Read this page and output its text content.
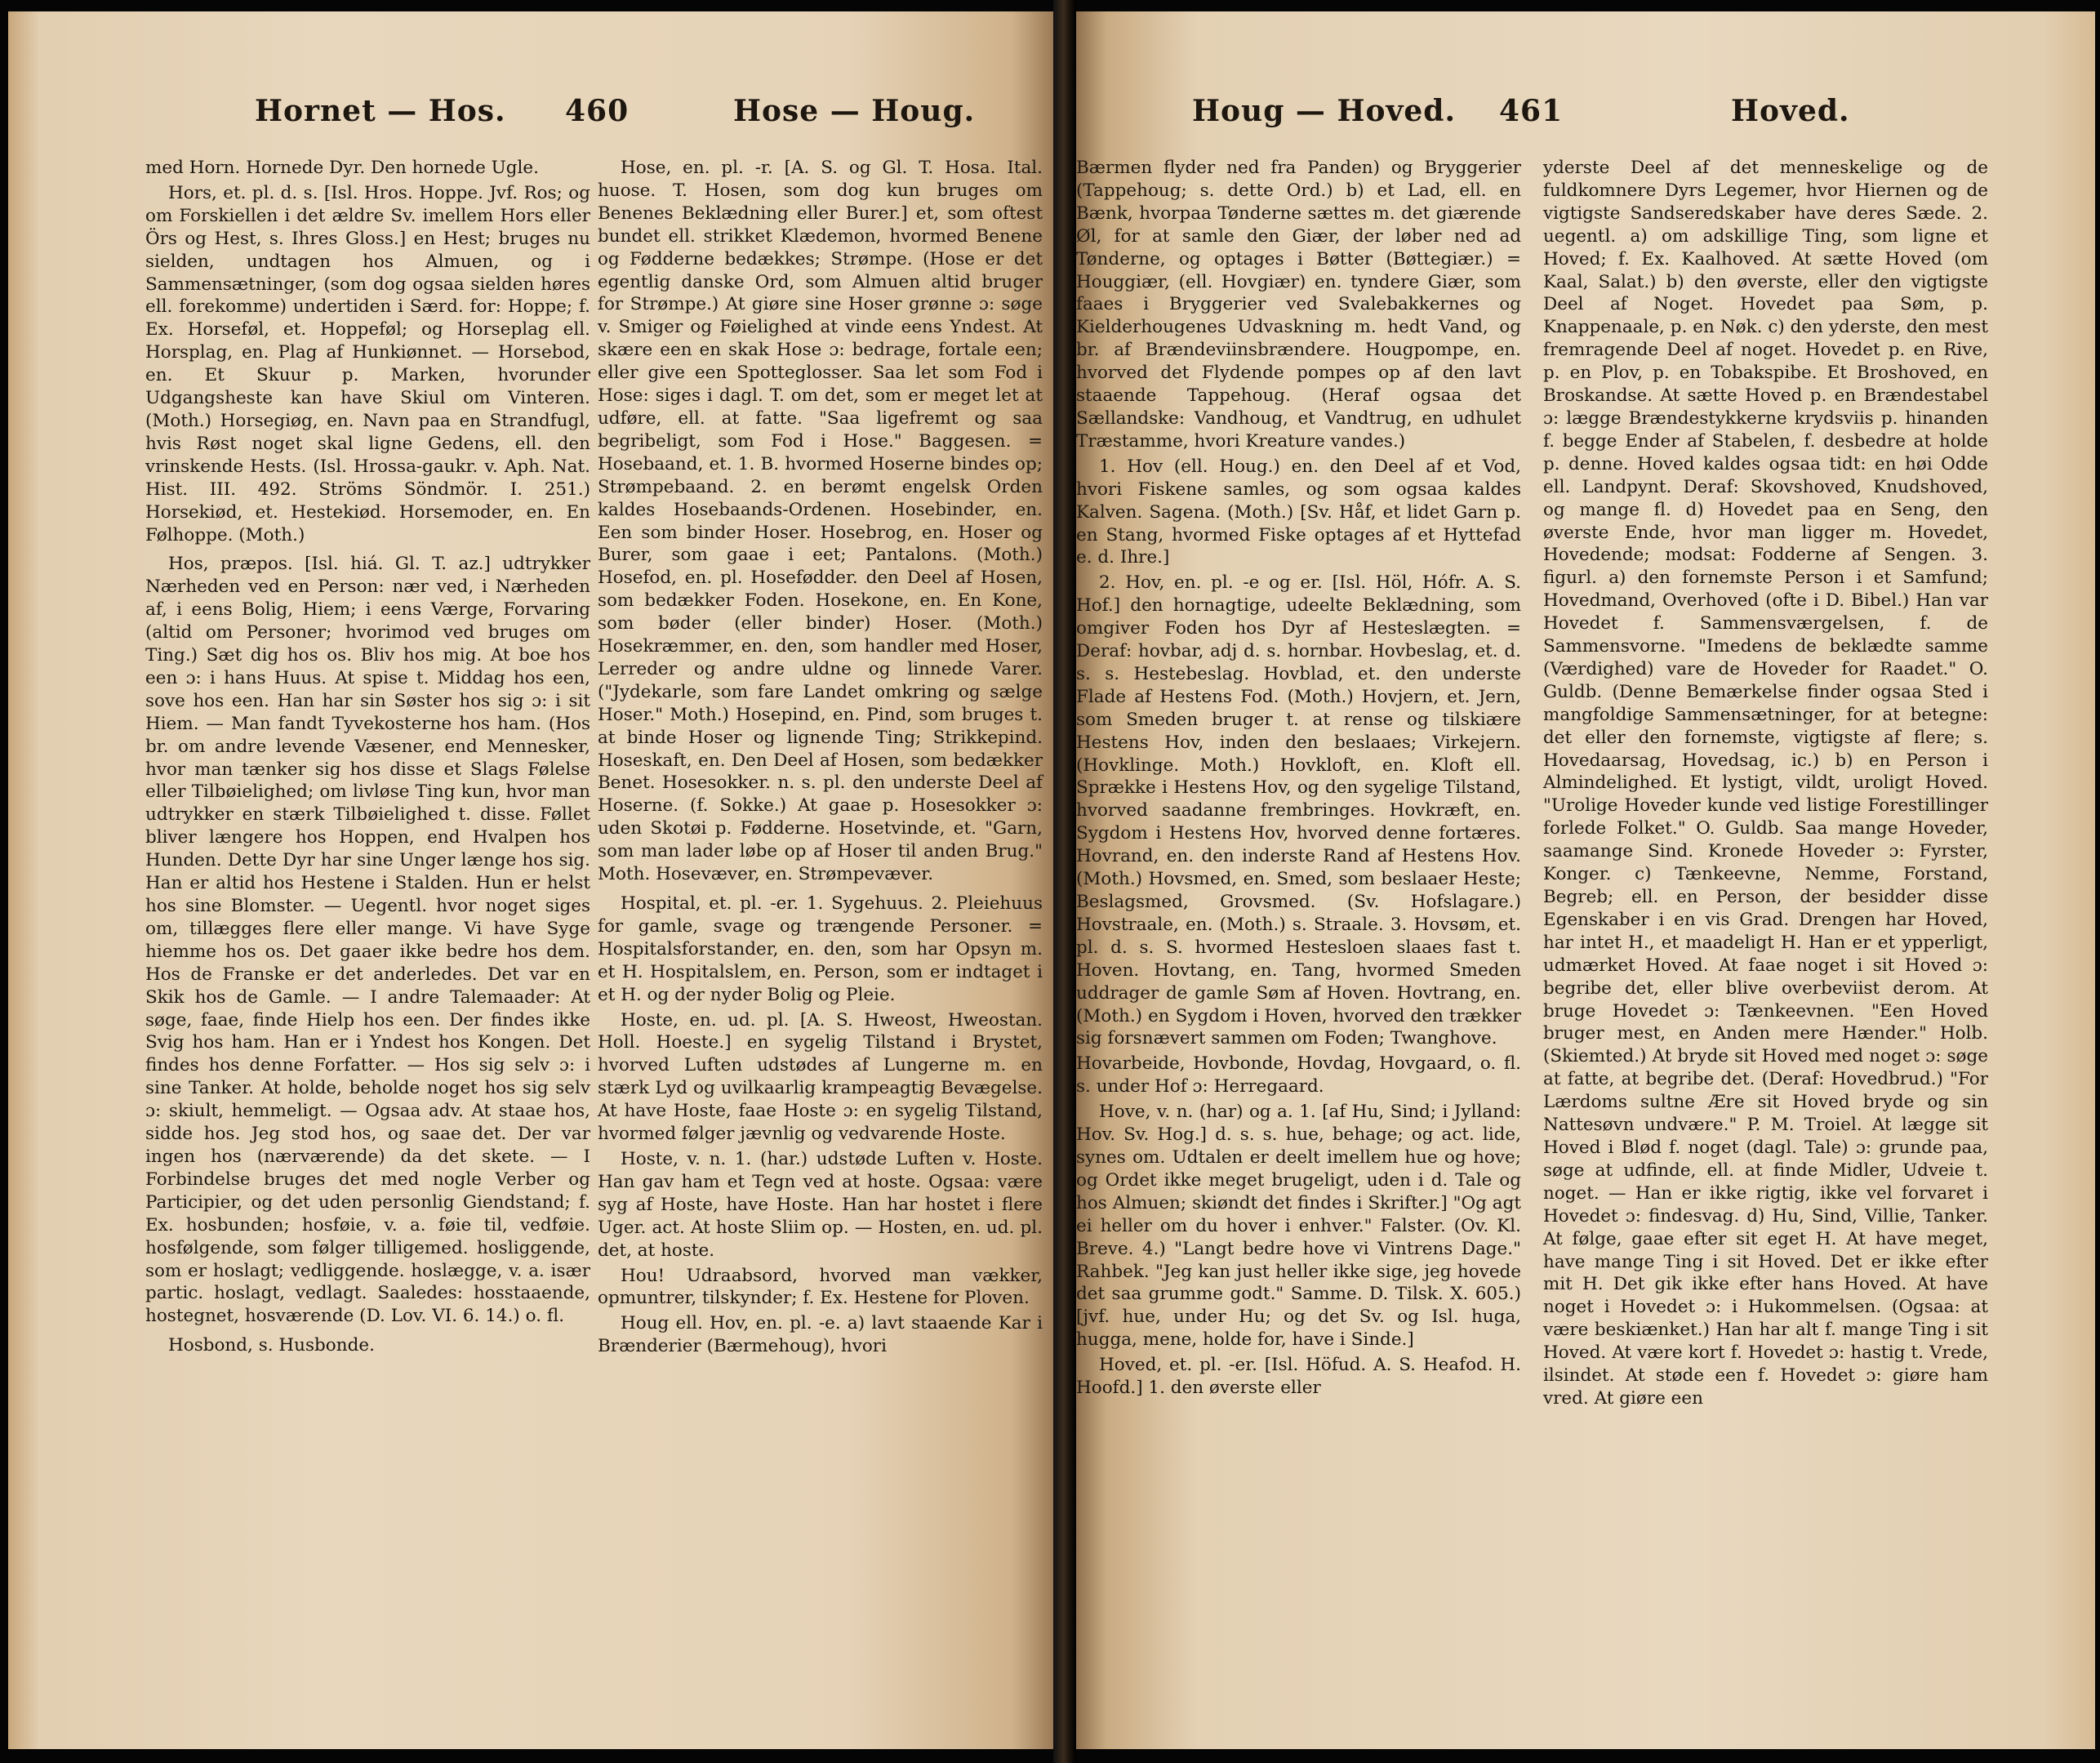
Hornet — Hos. 460	Hose — Houg.

med Horn. Hornede Dyr. Den hornede Ugle.

Hors, et. pl. d. s. [Isl. Hros. Hoppe. Jvf. Ros; og om Forskiellen i det ældre Sv. imellem Hors eller Örs og Hest, s. Ihres Gloss.] en Hest; bruges nu sielden, undtagen hos Almuen, og i Sammensætninger, (som dog ogsaa sielden høres ell. forekomme) undertiden i Særd. for: Hoppe; f. Ex. Horseføl, et. Hoppeføl; og Horseplag ell. Horsplag, en. Plag af Hunkiønnet. — Horsebod, en. Et Skuur p. Marken, hvorunder Udgangsheste kan have Skiul om Vinteren. (Moth.) Horsegiøg, en. Navn paa en Strandfugl, hvis Røst noget skal ligne Gedens, ell. den vrinskende Hests. (Isl. Hrossa-gaukr. v. Aph. Nat. Hist. III. 492. Ströms Söndmör. I. 251.) Horsekiød, et. Hestekiød. Horsemoder, en. En Følhoppe. (Moth.)

Hos, præpos. [Isl. hiá. Gl. T. az.] udtrykker Nærheden ved en Person: nær ved, i Nærheden af, i eens Bolig, Hiem; i eens Værge, Forvaring (altid om Personer; hvorimod ved bruges om Ting.) Sæt dig hos os. Bliv hos mig. At boe hos een ɔ: i hans Huus. At spise t. Middag hos een, sove hos een. Han har sin Søster hos sig ɔ: i sit Hiem. — Man fandt Tyvekosterne hos ham. (Hos br. om andre levende Væsener, end Mennesker, hvor man tænker sig hos disse et Slags Følelse eller Tilbøielighed; om livløse Ting kun, hvor man udtrykker en stærk Tilbøielighed t. disse. Føllet bliver længere hos Hoppen, end Hvalpen hos Hunden. Dette Dyr har sine Unger længe hos sig. Han er altid hos Hestene i Stalden. Hun er helst hos sine Blomster. — Uegentl. hvor noget siges om, tillægges flere eller mange. Vi have Syge hiemme hos os. Det gaaer ikke bedre hos dem. Hos de Franske er det anderledes. Det var en Skik hos de Gamle. — I andre Talemaader: At søge, faae, finde Hielp hos een. Der findes ikke Svig hos ham. Han er i Yndest hos Kongen. Det findes hos denne Forfatter. — Hos sig selv ɔ: i sine Tanker. At holde, beholde noget hos sig selv ɔ: skiult, hemmeligt. — Ogsaa adv. At staae hos, sidde hos. Jeg stod hos, og saae det. Der var ingen hos (nærværende) da det skete. — I Forbindelse bruges det med nogle Verber og Participier, og det uden personlig Giendstand; f. Ex. hosbunden; hosføie, v. a. føie til, vedføie. hosfølgende, som følger tilligemed. hosliggende, som er hoslagt; vedliggende. hoslægge, v. a. især partic. hoslagt, vedlagt. Saaledes: hosstaaende, hostegnet, hosværende (D. Lov. VI. 6. 14.) o. fl.

Hosbond, s. Husbonde.

Hose, en. pl. -r. [A. S. og Gl. T. Hosa. Ital. huose. T. Hosen, som dog kun bruges om Benenes Beklædning eller Burer.] et, som oftest bundet ell. strikket Klædemon, hvormed Benene og Fødderne bedækkes; Strømpe. (Hose er det egentlig danske Ord, som Almuen altid bruger for Strømpe.) At giøre sine Hoser grønne ɔ: søge v. Smiger og Føielighed at vinde eens Yndest. At skære een en skak Hose ɔ: bedrage, fortale een; eller give een Spotteglosser. Saa let som Fod i Hose: siges i dagl. T. om det, som er meget let at udføre, ell. at fatte. "Saa ligefremt og saa begribeligt, som Fod i Hose." Baggesen. = Hosebaand, et. 1. B. hvormed Hoserne bindes op; Strømpebaand. 2. en berømt engelsk Orden kaldes Hosebaands-Ordenen. Hosebinder, en. Een som binder Hoser. Hosebrog, en. Hoser og Burer, som gaae i eet; Pantalons. (Moth.) Hosefod, en. pl. Hosefødder. den Deel af Hosen, som bedækker Foden. Hosekone, en. En Kone, som bøder (eller binder) Hoser. (Moth.) Hosekræmmer, en. den, som handler med Hoser, Lerreder og andre uldne og linnede Varer. ("Jydekarle, som fare Landet omkring og sælge Hoser." Moth.) Hosepind, en. Pind, som bruges t. at binde Hoser og lignende Ting; Strikkepind. Hoseskaft, en. Den Deel af Hosen, som bedækker Benet. Hosesokker. n. s. pl. den underste Deel af Hoserne. (f. Sokke.) At gaae p. Hosesokker ɔ: uden Skotøi p. Fødderne. Hosetvinde, et. "Garn, som man lader løbe op af Hoser til anden Brug." Moth. Hosevæver, en. Strømpevæver.

Hospital, et. pl. -er. 1. Sygehuus. 2. Pleiehuus for gamle, svage og trængende Personer. = Hospitalsforstander, en. den, som har Opsyn m. et H. Hospitalslem, en. Person, som er indtaget i et H. og der nyder Bolig og Pleie.

Hoste, en. ud. pl. [A. S. Hweost, Hweostan. Holl. Hoeste.] en sygelig Tilstand i Brystet, hvorved Luften udstødes af Lungerne m. en stærk Lyd og uvilkaarlig krampeagtig Bevægelse. At have Hoste, faae Hoste ɔ: en sygelig Tilstand, hvormed følger jævnlig og vedvarende Hoste.

Hoste, v. n. 1. (har.) udstøde Luften v. Hoste. Han gav ham et Tegn ved at hoste. Ogsaa: være syg af Hoste, have Hoste. Han har hostet i flere Uger. act. At hoste Sliim op. — Hosten, en. ud. pl. det, at hoste.

Hou! Udraabsord, hvorved man vækker, opmuntrer, tilskynder; f. Ex. Hestene for Ploven.

Houg ell. Hov, en. pl. -e. a) lavt staaende Kar i Brænderier (Bærmehoug), hvori

Houg — Hoved. 461	Hoved.

Bærmen flyder ned fra Panden) og Bryggerier (Tappehoug; s. dette Ord.) b) et Lad, ell. en Bænk, hvorpaa Tønderne sættes m. det giærende Øl, for at samle den Giær, der løber ned ad Tønderne, og optages i Bøtter (Bøttegiær.) = Houggiær, (ell. Hovgiær) en. tyndere Giær, som faaes i Bryggerier ved Svalebakkernes og Kielderhougenes Udvaskning m. hedt Vand, og br. af Brændeviinsbrændere. Hougpompe, en. hvorved det Flydende pompes op af den lavt staaende Tappehoug. (Heraf ogsaa det Sællandske: Vandhoug, et Vandtrug, en udhulet Træstamme, hvori Kreature vandes.)

1. Hov (ell. Houg.) en. den Deel af et Vod, hvori Fiskene samles, og som ogsaa kaldes Kalven. Sagena. (Moth.) [Sv. Håf, et lidet Garn p. en Stang, hvormed Fiske optages af et Hyttefad e. d. Ihre.]

2. Hov, en. pl. -e og er. [Isl. Höl, Hófr. A. S. Hof.] den hornagtige, udeelte Beklædning, som omgiver Foden hos Dyr af Hesteslægten. = Deraf: hovbar, adj d. s. hornbar. Hovbeslag, et. d. s. s. Hestebeslag. Hovblad, et. den underste Flade af Hestens Fod. (Moth.) Hovjern, et. Jern, som Smeden bruger t. at rense og tilskiære Hestens Hov, inden den beslaaes; Virkejern. (Hovklinge. Moth.) Hovkloft, en. Kloft ell. Sprække i Hestens Hov, og den sygelige Tilstand, hvorved saadanne frembringes. Hovkræft, en. Sygdom i Hestens Hov, hvorved denne fortæres. Hovrand, en. den inderste Rand af Hestens Hov. (Moth.) Hovsmed, en. Smed, som beslaaer Heste; Beslagsmed, Grovsmed. (Sv. Hofslagare.) Hovstraale, en. (Moth.) s. Straale. 3. Hovsøm, et. pl. d. s. S. hvormed Hestesloen slaaes fast t. Hoven. Hovtang, en. Tang, hvormed Smeden uddrager de gamle Søm af Hoven. Hovtrang, en. (Moth.) en Sygdom i Hoven, hvorved den trækker sig forsnævert sammen om Foden; Twanghove.

Hovarbeide, Hovbonde, Hovdag, Hovgaard, o. fl. s. under Hof ɔ: Herregaard.

Hove, v. n. (har) og a. 1. [af Hu, Sind; i Jylland: Hov. Sv. Hog.] d. s. s. hue, behage; og act. lide, synes om. Udtalen er deelt imellem hue og hove; og Ordet ikke meget brugeligt, uden i d. Tale og hos Almuen; skiøndt det findes i Skrifter.] "Og agt ei heller om du hover i enhver." Falster. (Ov. Kl. Breve. 4.) "Langt bedre hove vi Vintrens Dage." Rahbek. "Jeg kan just heller ikke sige, jeg hovede det saa grumme godt." Samme. D. Tilsk. X. 605.) [jvf. hue, under Hu; og det Sv. og Isl. huga, hugga, mene, holde for, have i Sinde.]

Hoved, et. pl. -er. [Isl. Höfud. A. S. Heafod. H. Hoofd.] 1. den øverste eller

yderste Deel af det menneskelige og de fuldkomnere Dyrs Legemer, hvor Hiernen og de vigtigste Sandseredskaber have deres Sæde. 2. uegentl. a) om adskillige Ting, som ligne et Hoved; f. Ex. Kaalhoved. At sætte Hoved (om Kaal, Salat.) b) den øverste, eller den vigtigste Deel af Noget. Hovedet paa Søm, p. Knappenaale, p. en Nøk. c) den yderste, den mest fremragende Deel af noget. Hovedet p. en Rive, p. en Plov, p. en Tobakspibe. Et Broshoved, en Broskandse. At sætte Hoved p. en Brændestabel ɔ: lægge Brændestykkerne krydsviis p. hinanden f. begge Ender af Stabelen, f. desbedre at holde p. denne. Hoved kaldes ogsaa tidt: en høi Odde ell. Landpynt. Deraf: Skovshoved, Knudshoved, og mange fl. d) Hovedet paa en Seng, den øverste Ende, hvor man ligger m. Hovedet, Hovedende; modsat: Fodderne af Sengen. 3. figurl. a) den fornemste Person i et Samfund; Hovedmand, Overhoved (ofte i D. Bibel.) Han var Hovedet f. Sammensværgelsen, f. de Sammensvorne. "Imedens de beklædte samme (Værdighed) vare de Hoveder for Raadet." O. Guldb. (Denne Bemærkelse finder ogsaa Sted i mangfoldige Sammensætninger, for at betegne: det eller den fornemste, vigtigste af flere; s. Hovedaarsag, Hovedsag, ic.) b) en Person i Almindelighed. Et lystigt, vildt, uroligt Hoved. "Urolige Hoveder kunde ved listige Forestillinger forlede Folket." O. Guldb. Saa mange Hoveder, saamange Sind. Kronede Hoveder ɔ: Fyrster, Konger. c) Tænkeevne, Nemme, Forstand, Begreb; ell. en Person, der besidder disse Egenskaber i en vis Grad. Drengen har Hoved, har intet H., et maadeligt H. Han er et ypperligt, udmærket Hoved. At faae noget i sit Hoved ɔ: begribe det, eller blive overbeviist derom. At bruge Hovedet ɔ: Tænkeevnen. "Een Hoved bruger mest, en Anden mere Hænder." Holb. (Skiemted.) At bryde sit Hoved med noget ɔ: søge at fatte, at begribe det. (Deraf: Hovedbrud.) "For Lærdoms sultne Ære sit Hoved bryde og sin Nattesøvn undvære." P. M. Troiel. At lægge sit Hoved i Blød f. noget (dagl. Tale) ɔ: grunde paa, søge at udfinde, ell. at finde Midler, Udveie t. noget. — Han er ikke rigtig, ikke vel forvaret i Hovedet ɔ: findesvag. d) Hu, Sind, Villie, Tanker. At følge, gaae efter sit eget H. At have meget, have mange Ting i sit Hoved. Det er ikke efter mit H. Det gik ikke efter hans Hoved. At have noget i Hovedet ɔ: i Hukommelsen. (Ogsaa: at være beskiænket.) Han har alt f. mange Ting i sit Hoved. At være kort f. Hovedet ɔ: hastig t. Vrede, ilsindet. At støde een f. Hovedet ɔ: giøre ham vred. At giøre een
